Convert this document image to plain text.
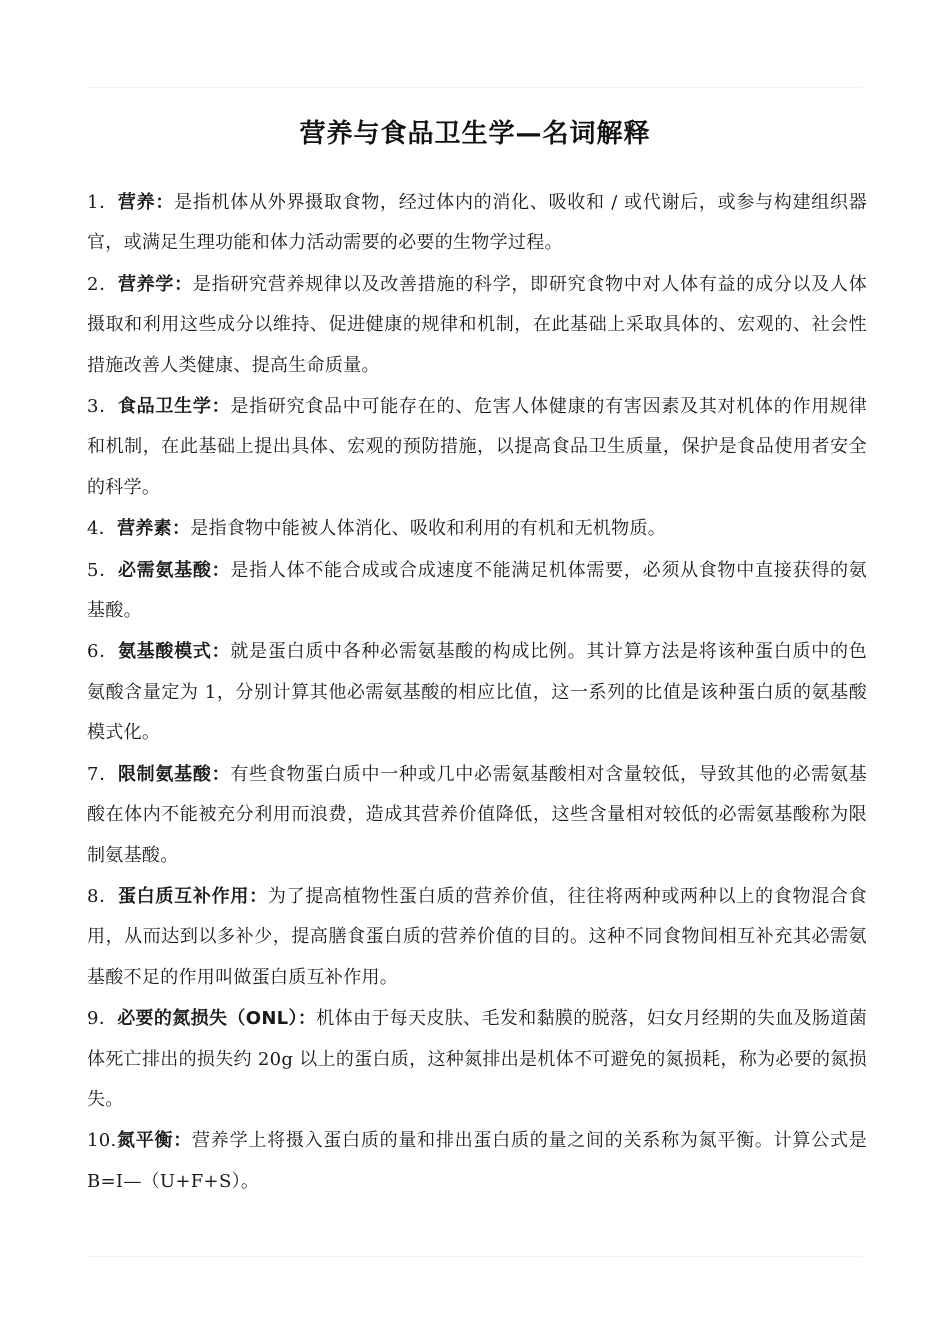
营养与食品卫生学—名词解释

1．营养：是指机体从外界摄取食物，经过体内的消化、吸收和 / 或代谢后，或参与构建组织器官，或满足生理功能和体力活动需要的必要的生物学过程。

2．营养学：是指研究营养规律以及改善措施的科学，即研究食物中对人体有益的成分以及人体摄取和利用这些成分以维持、促进健康的规律和机制，在此基础上采取具体的、宏观的、社会性措施改善人类健康、提高生命质量。

3．食品卫生学：是指研究食品中可能存在的、危害人体健康的有害因素及其对机体的作用规律和机制，在此基础上提出具体、宏观的预防措施，以提高食品卫生质量，保护是食品使用者安全的科学。

4．营养素：是指食物中能被人体消化、吸收和利用的有机和无机物质。

5．必需氨基酸：是指人体不能合成或合成速度不能满足机体需要，必须从食物中直接获得的氨基酸。

6．氨基酸模式：就是蛋白质中各种必需氨基酸的构成比例。其计算方法是将该种蛋白质中的色氨酸含量定为 1，分别计算其他必需氨基酸的相应比值，这一系列的比值是该种蛋白质的氨基酸模式化。

7．限制氨基酸：有些食物蛋白质中一种或几中必需氨基酸相对含量较低，导致其他的必需氨基酸在体内不能被充分利用而浪费，造成其营养价值降低，这些含量相对较低的必需氨基酸称为限制氨基酸。

8．蛋白质互补作用：为了提高植物性蛋白质的营养价值，往往将两种或两种以上的食物混合食用，从而达到以多补少，提高膳食蛋白质的营养价值的目的。这种不同食物间相互补充其必需氨基酸不足的作用叫做蛋白质互补作用。

9．必要的氮损失（ONL）：机体由于每天皮肤、毛发和黏膜的脱落，妇女月经期的失血及肠道菌体死亡排出的损失约 20g 以上的蛋白质，这种氮排出是机体不可避免的氮损耗，称为必要的氮损失。

10.氮平衡：营养学上将摄入蛋白质的量和排出蛋白质的量之间的关系称为氮平衡。计算公式是 B=I—（U+F+S）。
